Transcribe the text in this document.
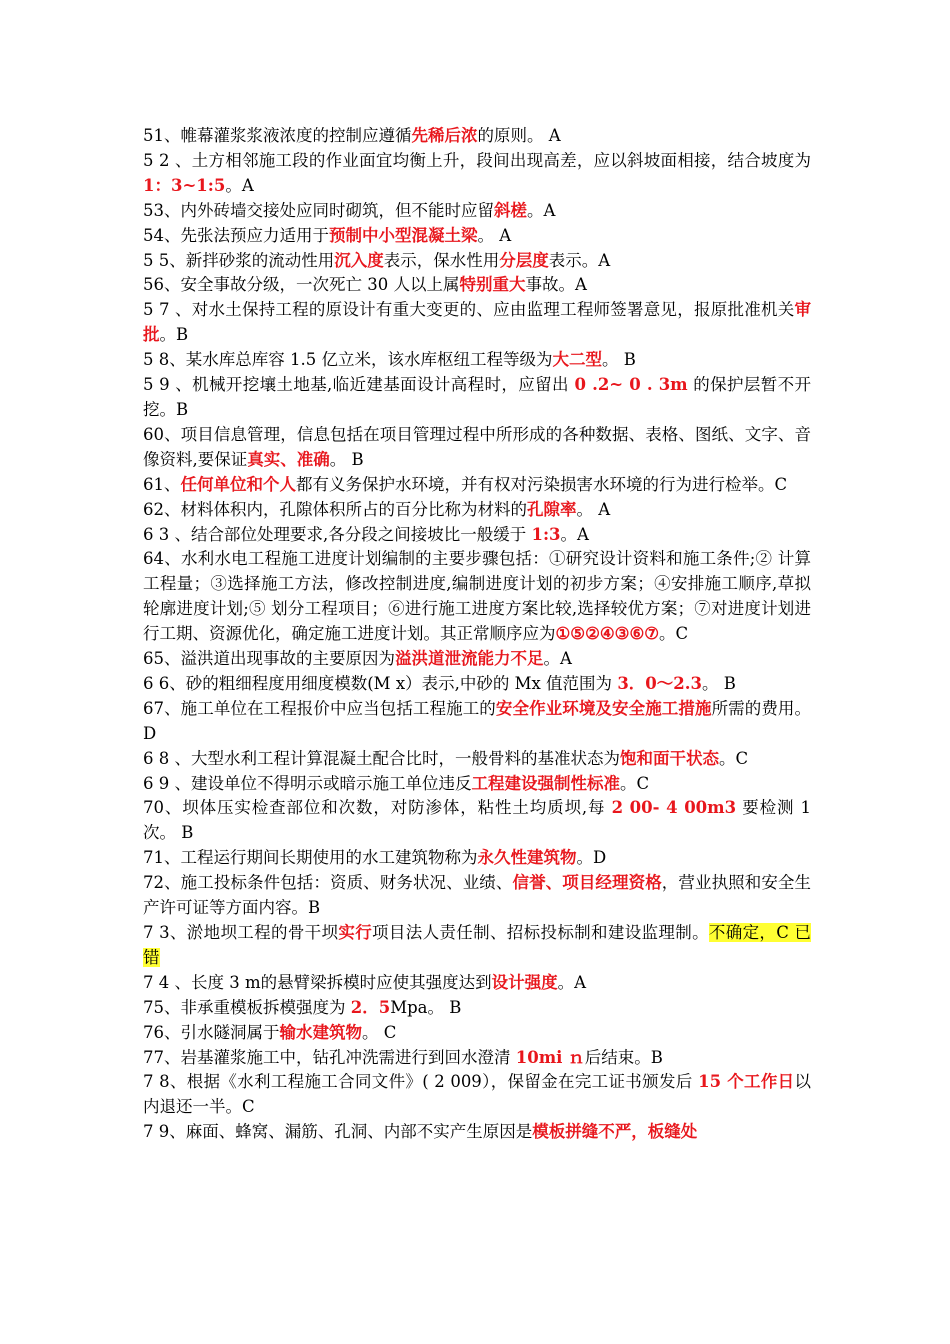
51、帷幕灌浆浆液浓度的控制应遵循先稀后浓的原则。 A
5 2 、土方相邻施工段的作业面宜均衡上升，段间出现高差，应以斜坡面相接，结合坡度为1：3~1:5。A
53、内外砖墙交接处应同时砌筑，但不能时应留斜槎。A
54、先张法预应力适用于预制中小型混凝土梁。 A
5 5、新拌砂浆的流动性用沉入度表示，保水性用分层度表示。A
56、安全事故分级，一次死亡 30 人以上属特别重大事故。A
5 7 、对水土保持工程的原设计有重大变更的、应由监理工程师签署意见，报原批准机关审批。B
5 8、某水库总库容 1.5 亿立米，该水库枢纽工程等级为大二型。 B
5 9 、机械开挖壤土地基,临近建基面设计高程时，应留出 0 .2~ 0 . 3m 的保护层暂不开挖。B
60、项目信息管理，信息包括在项目管理过程中所形成的各种数据、表格、图纸、文字、音像资料,要保证真实、准确。 B
61、任何单位和个人都有义务保护水环境，并有权对污染损害水环境的行为进行检举。C
62、材料体积内，孔隙体积所占的百分比称为材料的孔隙率。 A
6 3 、结合部位处理要求,各分段之间接坡比一般缓于 1:3。A
64、水利水电工程施工进度计划编制的主要步骤包括：①研究设计资料和施工条件;② 计算工程量；③选择施工方法，修改控制进度,编制进度计划的初步方案；④安排施工顺序,草拟轮廓进度计划;⑤ 划分工程项目；⑥进行施工进度方案比较,选择较优方案；⑦对进度计划进行工期、资源优化，确定施工进度计划。其正常顺序应为①⑤②④③⑥⑦。C
65、溢洪道出现事故的主要原因为溢洪道泄流能力不足。A
6 6、砂的粗细程度用细度模数(M x）表示,中砂的 Mx 值范围为 3．0～2.3。 B
67、施工单位在工程报价中应当包括工程施工的安全作业环境及安全施工措施所需的费用。D
6 8 、大型水利工程计算混凝土配合比时，一般骨料的基准状态为饱和面干状态。C
6 9 、建设单位不得明示或暗示施工单位违反工程建设强制性标准。C
70、坝体压实检查部位和次数，对防渗体，粘性土均质坝,每 2 00- 4 00m3 要检测 1 次。 B
71、工程运行期间长期使用的水工建筑物称为永久性建筑物。D
72、施工投标条件包括：资质、财务状况、业绩、信誉、项目经理资格，营业执照和安全生产许可证等方面内容。B
7 3、淤地坝工程的骨干坝实行项目法人责任制、招标投标制和建设监理制。不确定，C 已错
7 4 、长度 3 m的悬臂梁拆模时应使其强度达到设计强度。A
75、非承重模板拆模强度为 2．5Mpa。 B
76、引水隧洞属于输水建筑物。 C
77、岩基灌浆施工中，钻孔冲洗需进行到回水澄清 10mi ｎ后结束。B
7 8、根据《水利工程施工合同文件》( 2 009），保留金在完工证书颁发后 15 个工作日以内退还一半。C
7 9、麻面、蜂窝、漏筋、孔洞、内部不实产生原因是模板拼缝不严，板缝处
